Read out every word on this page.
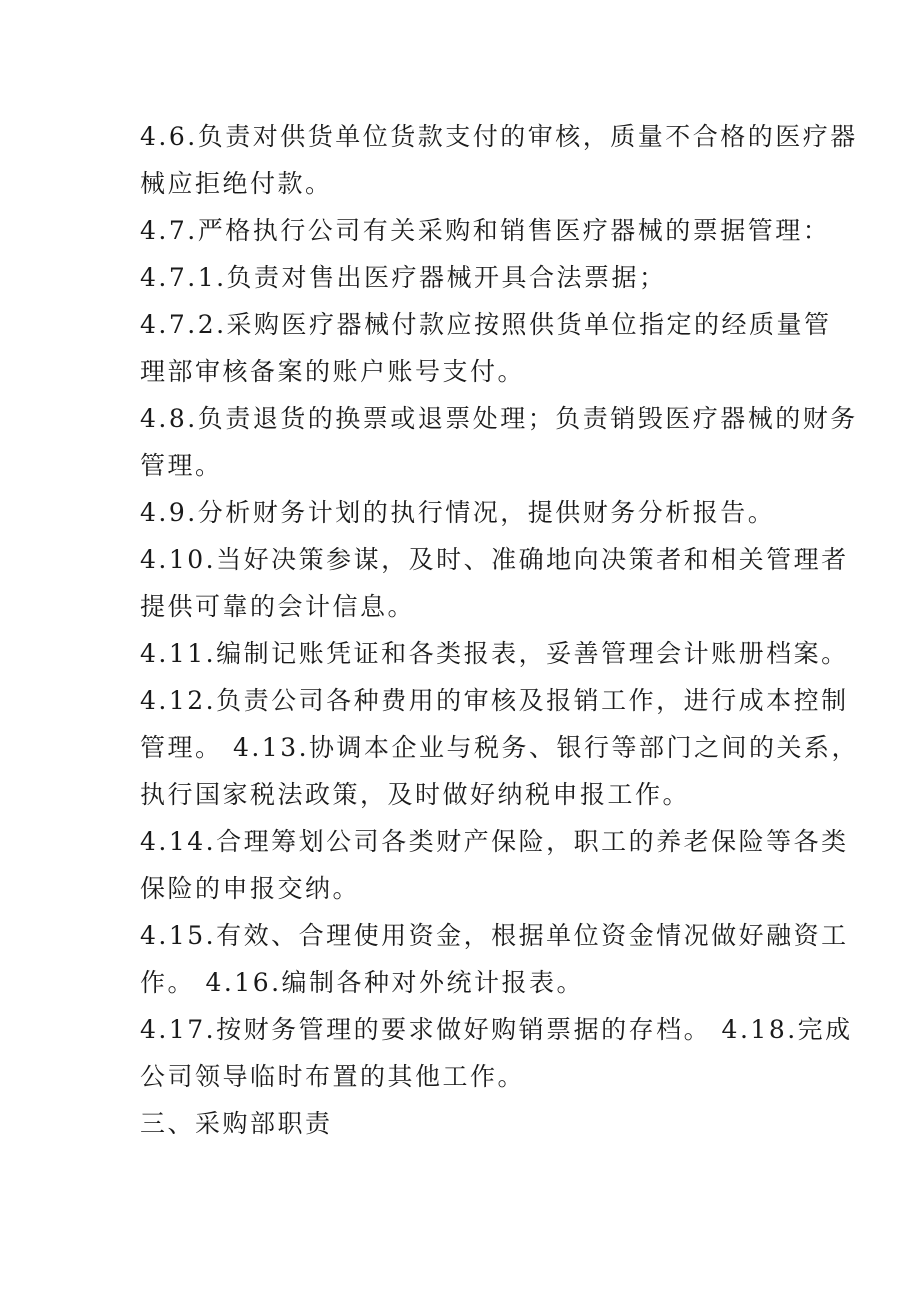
4.6.负责对供货单位货款支付的审核，质量不合格的医疗器
械应拒绝付款。
4.7.严格执行公司有关采购和销售医疗器械的票据管理：
4.7.1.负责对售出医疗器械开具合法票据；
4.7.2.采购医疗器械付款应按照供货单位指定的经质量管
理部审核备案的账户账号支付。
4.8.负责退货的换票或退票处理；负责销毁医疗器械的财务
管理。
4.9.分析财务计划的执行情况，提供财务分析报告。
4.10.当好决策参谋，及时、准确地向决策者和相关管理者
提供可靠的会计信息。
4.11.编制记账凭证和各类报表，妥善管理会计账册档案。
4.12.负责公司各种费用的审核及报销工作，进行成本控制
管理。 4.13.协调本企业与税务、银行等部门之间的关系，
执行国家税法政策，及时做好纳税申报工作。
4.14.合理筹划公司各类财产保险，职工的养老保险等各类
保险的申报交纳。
4.15.有效、合理使用资金，根据单位资金情况做好融资工
作。 4.16.编制各种对外统计报表。
4.17.按财务管理的要求做好购销票据的存档。 4.18.完成
公司领导临时布置的其他工作。
三、采购部职责
